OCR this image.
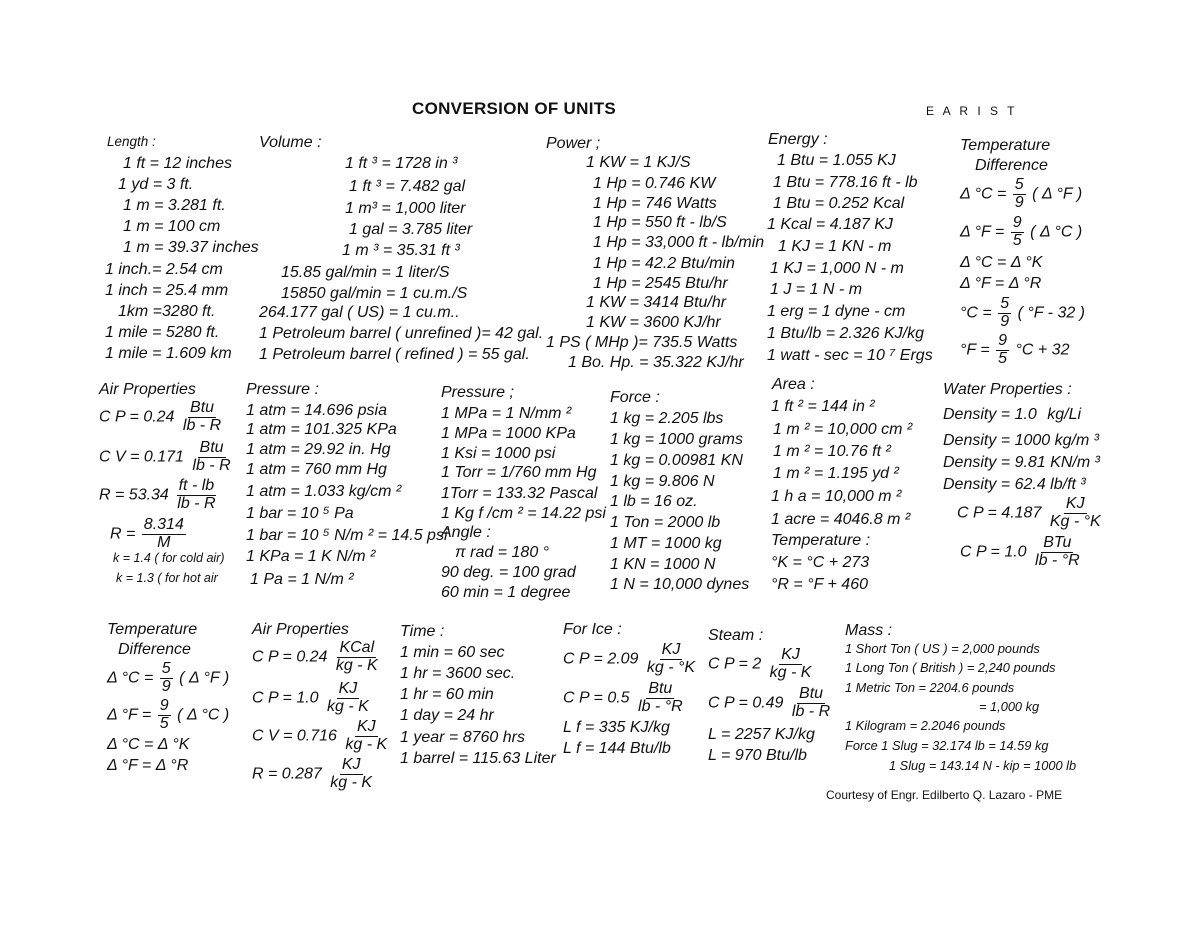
CONVERSION OF UNITS	E A R I S T
Length :
1 ft = 12 inches
1 yd = 3 ft.
1 m = 3.281 ft.
1 m = 100 cm
1 m = 39.37 inches
1 inch.= 2.54 cm
1 inch = 25.4 mm
1km =3280 ft.
1 mile = 5280 ft.
1 mile = 1.609 km
Volume :
1 ft ³ = 1728 in ³
1 ft ³ = 7.482 gal
1 m³ = 1,000 liter
1 gal = 3.785 liter
1 m ³ = 35.31 ft ³
15.85 gal/min = 1 liter/S
15850 gal/min = 1 cu.m./S
264.177 gal ( US) = 1 cu.m..
1 Petroleum barrel ( unrefined )= 42 gal.
1 Petroleum barrel ( refined ) = 55 gal.
Power ;
1 KW = 1 KJ/S
1 Hp = 0.746 KW
1 Hp = 746 Watts
1 Hp = 550 ft - lb/S
1 Hp = 33,000 ft - lb/min
1 Hp = 42.2 Btu/min
1 Hp = 2545 Btu/hr
1 KW = 3414 Btu/hr
1 KW = 3600 KJ/hr
1 PS ( MHp )= 735.5 Watts
1 Bo. Hp. = 35.322 KJ/hr
Energy :
1 Btu = 1.055 KJ
1 Btu = 778.16 ft - lb
1 Btu = 0.252 Kcal
1 Kcal = 4.187 KJ
1 KJ = 1 KN - m
1 KJ = 1,000 N - m
1 J = 1 N - m
1 erg = 1 dyne - cm
1 Btu/lb = 2.326 KJ/kg
1 watt - sec = 10 ⁷ Ergs
Temperature
Difference
Δ $^\circ C = \frac{5}{9}$ ( Δ °F )
Δ $^\circ F = \frac{9}{5}$ ( Δ °C )
Δ °C = Δ °K
Δ °F = Δ °R
$^\circ C = \frac{5}{9}$ ( °F - 32 )
$^\circ F = \frac{9}{5} ^\circ C + 32$
Air Properties
C P = 0.24
Btu
lb - R
C V = 0.171
Btu
lb - R
$R = 53.34 \frac{ft - lb}{lb - R}$
$R = \frac{8.314}{M}$
k = 1.4 ( for cold air)
k = 1.3 ( for hot air
Pressure :
1 atm = 14.696 psia
1 atm = 101.325 KPa
1 atm = 29.92 in. Hg
1 atm = 760 mm Hg
1 atm = 1.033 kg/cm ²
1 bar = 10 ⁵ Pa
1 bar = 10 ⁵ N/m ² = 14.5 psi
1 KPa = 1 K N/m ²
1 Pa = 1 N/m ²
Pressure ;
1 MPa = 1 N/mm ²
1 MPa = 1000 KPa
1 Ksi = 1000 psi
1 Torr = 1/760 mm Hg
1Torr = 133.32 Pascal
1 Kg f /cm ² = 14.22 psi
Angle :
π rad = 180 °
90 deg. = 100 grad
60 min = 1 degree
Force :
1 kg = 2.205 lbs
1 kg = 1000 grams
1 kg = 0.00981 KN
1 kg = 9.806 N
1 lb = 16 oz.
1 Ton = 2000 lb
1 MT = 1000 kg
1 KN = 1000 N
1 N = 10,000 dynes
Area :
1 ft ² = 144 in ²
1 m ² = 10,000 cm ²
1 m ² = 10.76 ft ²
1 m ² = 1.195 yd ²
1 h a = 10,000 m ²
1 acre = 4046.8 m ²
Temperature :
°K = °C + 273
°R = °F + 460
Water Properties :
Density = 1.0 kg/Li
Density = 1000 kg/m ³
Density = 9.81 KN/m ³
Density = 62.4 lb/ft ³
C $P = 4.187 \frac{KJ}{Kg - ^\circ K}$
C P = 1.0
BTu
lb - °R
Temperature
Difference
Δ $^\circ C = \frac{5}{9}$ ( Δ °F )
Δ $^\circ F = \frac{9}{5}$ ( Δ °C )
Δ °C = Δ °K
Δ °F = Δ °R
Air Properties
C P = 0.24
KCal
kg - K
C $P = 1.0 \frac{KJ}{kg - K}$
C $V = 0.716 \frac{KJ}{kg - K}$
$R = 0.287 \frac{KJ}{kg - K}$
Time :
1 min = 60 sec
1 hr = 3600 sec.
1 hr = 60 min
1 day = 24 hr
1 year = 8760 hrs
1 barrel = 115.63 Liter
For Ice :
C $P = 2.09 \frac{KJ}{kg - ^\circ K}$
C P = 0.5
Btu
lb - °R
L f = 335 KJ/kg
L f = 144 Btu/lb
Steam :
C $P = 2 \frac{KJ}{kg - K}$
C P = 0.49
Btu
lb - R
L = 2257 KJ/kg
L = 970 Btu/lb
Mass :
1 Short Ton ( US ) = 2,000 pounds
1 Long Ton ( British ) = 2,240 pounds
1 Metric Ton = 2204.6 pounds
= 1,000 kg
1 Kilogram = 2.2046 pounds
Force 1 Slug = 32.174 lb = 14.59 kg
1 Slug = 143.14 N - kip = 1000 lb
Courtesy of Engr. Edilberto Q. Lazaro - PME
